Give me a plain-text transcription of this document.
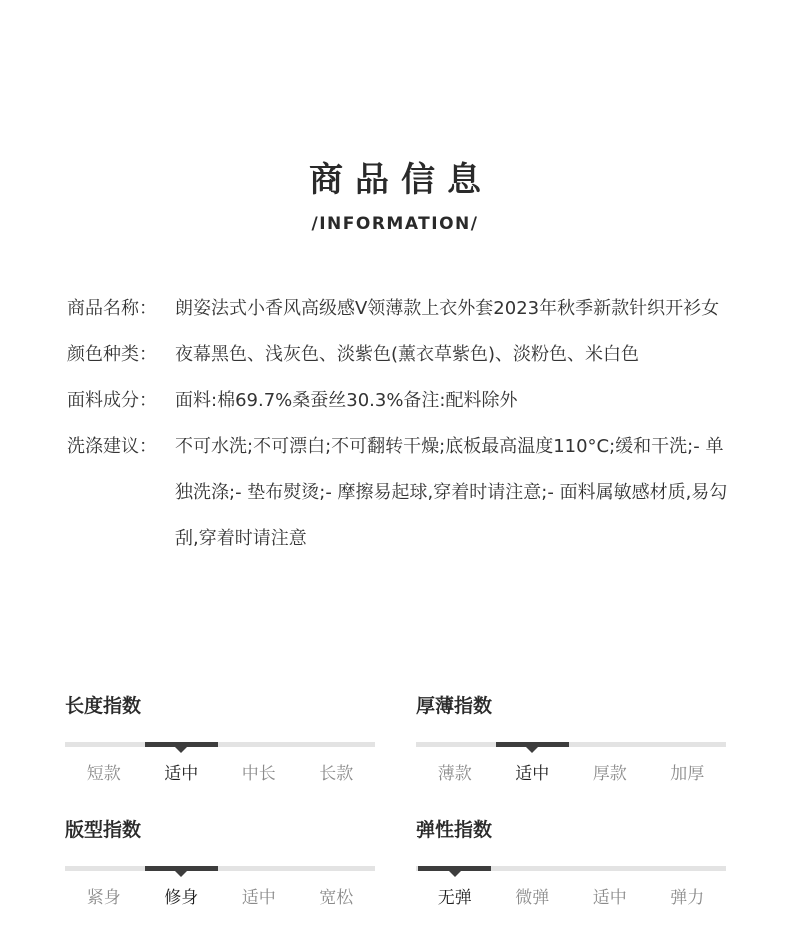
商品信息
/INFORMATION/
商品名称：	朗姿法式小香风高级感V领薄款上衣外套2023年秋季新款针织开衫女
颜色种类：	夜幕黑色、浅灰色、淡紫色(薰衣草紫色)、淡粉色、米白色
面料成分：	面料:棉69.7%桑蚕丝30.3%备注:配料除外
洗涤建议：	不可水洗;不可漂白;不可翻转干燥;底板最高温度110°C;缓和干洗;- 单独洗涤;- 垫布熨烫;- 摩擦易起球,穿着时请注意;- 面料属敏感材质,易勾刮,穿着时请注意
长度指数
短款	适中	中长	长款
厚薄指数
薄款	适中	厚款	加厚
版型指数
紧身	修身	适中	宽松
弹性指数
无弹	微弹	适中	弹力
